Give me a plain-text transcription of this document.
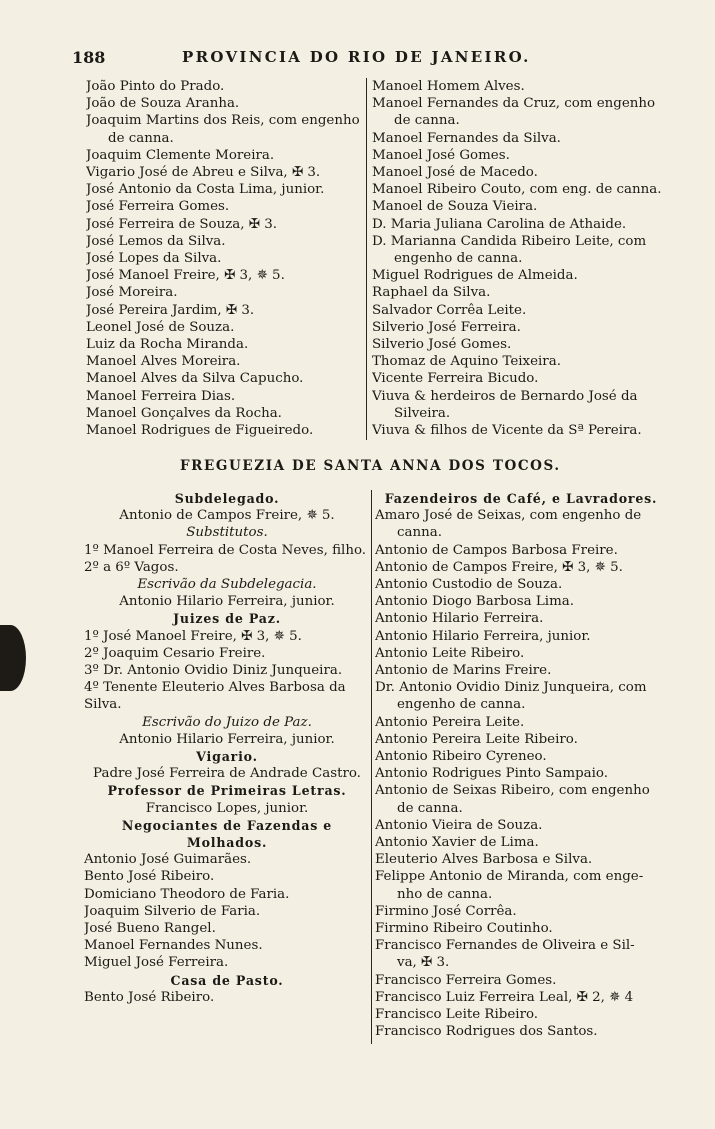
188	PROVINCIA DO RIO DE JANEIRO.
João Pinto do Prado.
João de Souza Aranha.
Joaquim Martins dos Reis, com engenho
de canna.
Joaquim Clemente Moreira.
Vigario José de Abreu e Silva, ✠ 3.
José Antonio da Costa Lima, junior.
José Ferreira Gomes.
José Ferreira de Souza, ✠ 3.
José Lemos da Silva.
José Lopes da Silva.
José Manoel Freire, ✠ 3, ✵ 5.
José Moreira.
José Pereira Jardim, ✠ 3.
Leonel José de Souza.
Luiz da Rocha Miranda.
Manoel Alves Moreira.
Manoel Alves da Silva Capucho.
Manoel Ferreira Dias.
Manoel Gonçalves da Rocha.
Manoel Rodrigues de Figueiredo.
Manoel Homem Alves.
Manoel Fernandes da Cruz, com engenho
de canna.
Manoel Fernandes da Silva.
Manoel José Gomes.
Manoel José de Macedo.
Manoel Ribeiro Couto, com eng. de canna.
Manoel de Souza Vieira.
D. Maria Juliana Carolina de Athaide.
D. Marianna Candida Ribeiro Leite, com
engenho de canna.
Miguel Rodrigues de Almeida.
Raphael da Silva.
Salvador Corrêa Leite.
Silverio José Ferreira.
Silverio José Gomes.
Thomaz de Aquino Teixeira.
Vicente Ferreira Bicudo.
Viuva & herdeiros de Bernardo José da
Silveira.
Viuva & filhos de Vicente da Sª Pereira.
FREGUEZIA DE SANTA ANNA DOS TOCOS.
Subdelegado.
Antonio de Campos Freire, ✵ 5.
Substitutos.
1º Manoel Ferreira de Costa Neves, filho.
2º a 6º Vagos.
Escrivão da Subdelegacia.
Antonio Hilario Ferreira, junior.
Juizes de Paz.
1º José Manoel Freire, ✠ 3, ✵ 5.
2º Joaquim Cesario Freire.
3º Dr. Antonio Ovidio Diniz Junqueira.
4º Tenente Eleuterio Alves Barbosa da
Silva.
Escrivão do Juizo de Paz.
Antonio Hilario Ferreira, junior.
Vigario.
Padre José Ferreira de Andrade Castro.
Professor de Primeiras Letras.
Francisco Lopes, junior.
Negociantes de Fazendas e
Molhados.
Antonio José Guimarães.
Bento José Ribeiro.
Domiciano Theodoro de Faria.
Joaquim Silverio de Faria.
José Bueno Rangel.
Manoel Fernandes Nunes.
Miguel José Ferreira.
Casa de Pasto.
Bento José Ribeiro.
Fazendeiros de Café, e Lavradores.
Amaro José de Seixas, com engenho de
canna.
Antonio de Campos Barbosa Freire.
Antonio de Campos Freire, ✠ 3, ✵ 5.
Antonio Custodio de Souza.
Antonio Diogo Barbosa Lima.
Antonio Hilario Ferreira.
Antonio Hilario Ferreira, junior.
Antonio Leite Ribeiro.
Antonio de Marins Freire.
Dr. Antonio Ovidio Diniz Junqueira, com
engenho de canna.
Antonio Pereira Leite.
Antonio Pereira Leite Ribeiro.
Antonio Ribeiro Cyreneo.
Antonio Rodrigues Pinto Sampaio.
Antonio de Seixas Ribeiro, com engenho
de canna.
Antonio Vieira de Souza.
Antonio Xavier de Lima.
Eleuterio Alves Barbosa e Silva.
Felippe Antonio de Miranda, com enge-
nho de canna.
Firmino José Corrêa.
Firmino Ribeiro Coutinho.
Francisco Fernandes de Oliveira e Sil-
va, ✠ 3.
Francisco Ferreira Gomes.
Francisco Luiz Ferreira Leal, ✠ 2, ✵ 4
Francisco Leite Ribeiro.
Francisco Rodrigues dos Santos.
